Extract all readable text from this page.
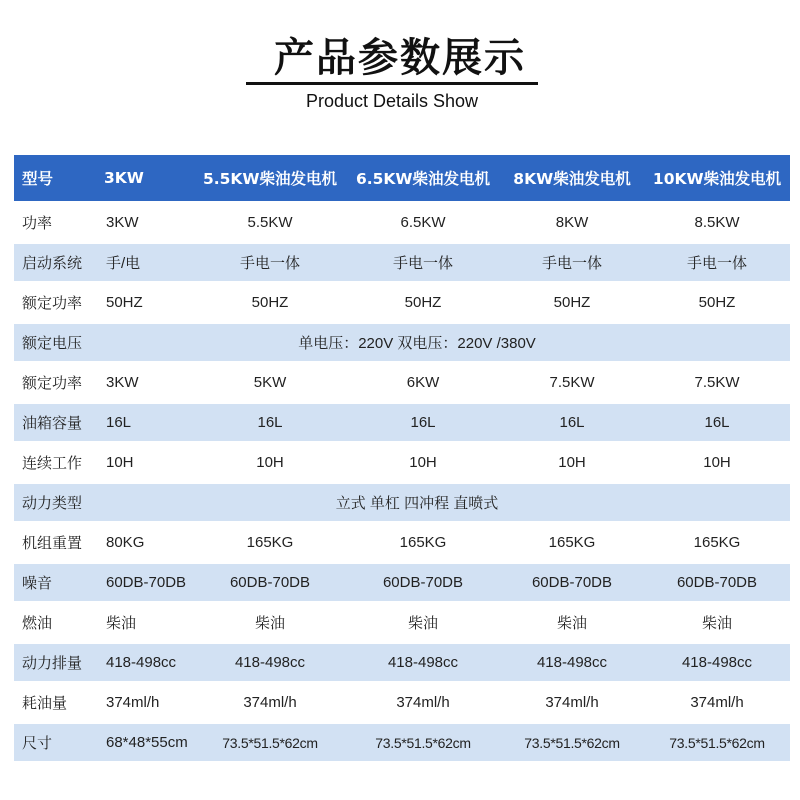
产品参数展示
Product Details Show
型号	3KW	5.5KW柴油发电机	6.5KW柴油发电机	8KW柴油发电机	10KW柴油发电机
功率	3KW	5.5KW	6.5KW	8KW	8.5KW
启动系统	手/电	手电一体	手电一体	手电一体	手电一体
额定功率	50HZ	50HZ	50HZ	50HZ	50HZ
额定电压	单电压：220V 双电压：220V /380V				
额定功率	3KW	5KW	6KW	7.5KW	7.5KW
油箱容量	16L	16L	16L	16L	16L
连续工作	10H	10H	10H	10H	10H
动力类型	立式 单杠 四冲程 直喷式				
机组重置	80KG	165KG	165KG	165KG	165KG
噪音	60DB-70DB	60DB-70DB	60DB-70DB	60DB-70DB	60DB-70DB
燃油	柴油	柴油	柴油	柴油	柴油
动力排量	418-498cc	418-498cc	418-498cc	418-498cc	418-498cc
耗油量	374ml/h	374ml/h	374ml/h	374ml/h	374ml/h
尺寸	68*48*55cm	73.5*51.5*62cm	73.5*51.5*62cm	73.5*51.5*62cm	73.5*51.5*62cm
